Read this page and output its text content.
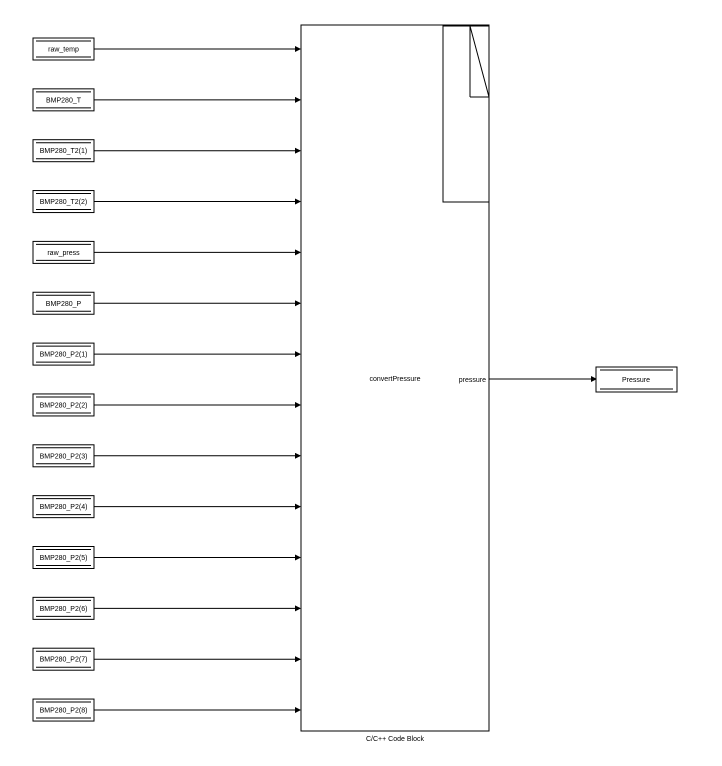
raw_temp
BMP280_T
BMP280_T2(1)
BMP280_T2(2)
raw_press
BMP280_P
BMP280_P2(1)
BMP280_P2(2)
BMP280_P2(3)
BMP280_P2(4)
BMP280_P2(5)
BMP280_P2(6)
BMP280_P2(7)
BMP280_P2(8)
convertPressure	pressure
C/C++ Code Block
Pressure
